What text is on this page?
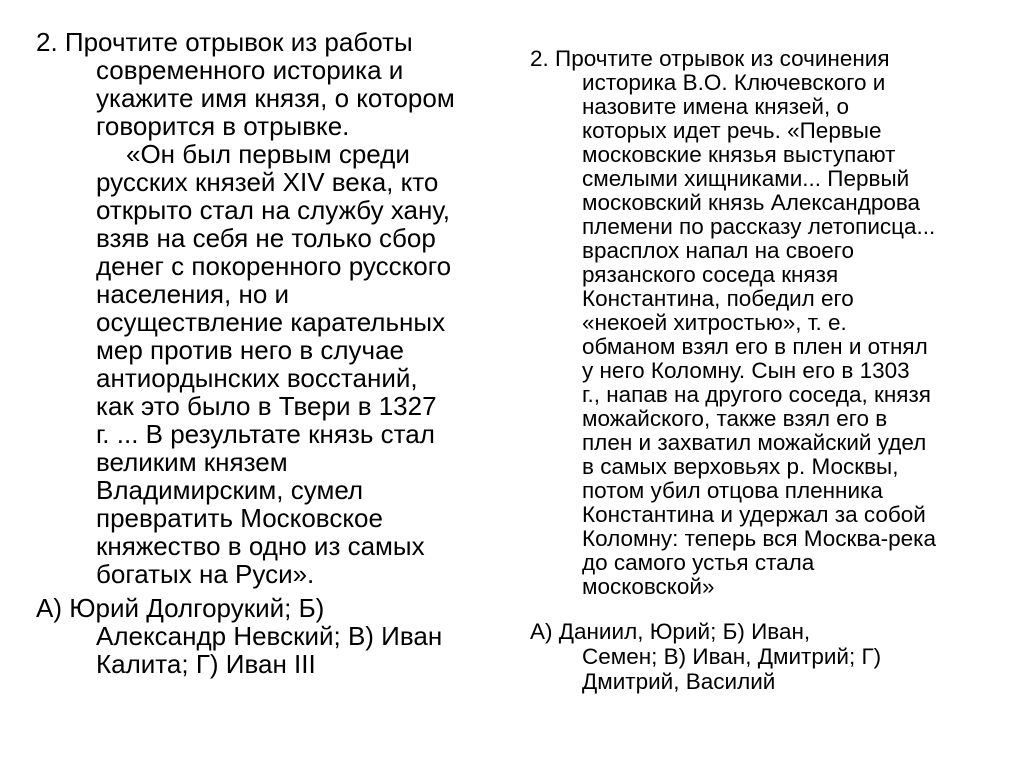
2. Прочтите отрывок из работы
современного историка и
укажите имя князя, о котором
говорится в отрывке.
«Он был первым среди
русских князей XIV века, кто
открыто стал на службу хану,
взяв на себя не только сбор
денег с покоренного русского
населения, но и
осуществление карательных
мер против него в случае
антиордынских восстаний,
как это было в Твери в 1327
г. ... В результате князь стал
великим князем
Владимирским, сумел
превратить Московское
княжество в одно из самых
богатых на Руси».
А) Юрий Долгорукий; Б)
Александр Невский; В) Иван
Калита; Г) Иван III
2. Прочтите отрывок из сочинения
историка В.О. Ключевского и
назовите имена князей, о
которых идет речь. «Первые
московские князья выступают
смелыми хищниками... Первый
московский князь Александрова
племени по рассказу летописца...
врасплох напал на своего
рязанского соседа князя
Константина, победил его
«некоей хитростью», т. е.
обманом взял его в плен и отнял
у него Коломну. Сын его в 1303
г., напав на другого соседа, князя
можайского, также взял его в
плен и захватил можайский удел
в самых верховьях р. Москвы,
потом убил отцова пленника
Константина и удержал за собой
Коломну: теперь вся Москва-река
до самого устья стала
московской»
А) Даниил, Юрий; Б) Иван,
Семен; В) Иван, Дмитрий; Г)
Дмитрий, Василий
